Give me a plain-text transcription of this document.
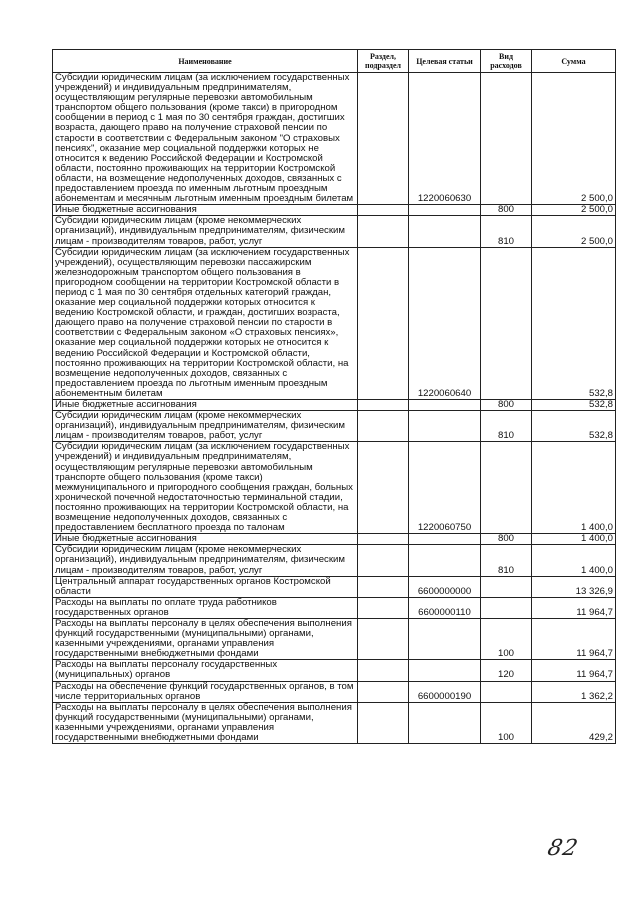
Наименование	Раздел, подраздел	Целевая статьи	Вид расходов	Сумма
Субсидии юридическим лицам (за исключением государственных учреждений) и индивидуальным предпринимателям, осуществляющим регулярные перевозки автомобильным транспортом общего пользования (кроме такси) в пригородном сообщении в период с 1 мая по 30 сентября граждан, достигших возраста, дающего право на получение страховой пенсии по старости в соответствии с Федеральным законом "О страховых пенсиях", оказание мер социальной поддержки которых не относится к ведению Российской Федерации и Костромской области, постоянно проживающих на территории Костромской области, на возмещение недополученных доходов, связанных с предоставлением проезда по именным льготным проездным абонементам и месячным льготным именным проездным билетам		1220060630		2 500,0
Иные бюджетные ассигнования			800	2 500,0
Субсидии юридическим лицам (кроме некоммерческих организаций), индивидуальным предпринимателям, физическим лицам - производителям товаров, работ, услуг			810	2 500,0
Субсидии юридическим лицам (за исключением государственных учреждений), осуществляющим перевозки пассажирским железнодорожным транспортом общего пользования в пригородном сообщении на территории Костромской области в период с 1 мая по 30 сентября отдельных категорий граждан, оказание мер социальной поддержки которых относится к ведению Костромской области, и граждан, достигших возраста, дающего право на получение страховой пенсии по старости в соответствии с Федеральным законом «О страховых пенсиях», оказание мер социальной поддержки которых не относится к ведению Российской Федерации и Костромской области, постоянно проживающих на территории Костромской области, на возмещение недополученных доходов, связанных с предоставлением проезда по льготным именным проездным абонементным билетам		1220060640		532,8
Иные бюджетные ассигнования			800	532,8
Субсидии юридическим лицам (кроме некоммерческих организаций), индивидуальным предпринимателям, физическим лицам - производителям товаров, работ, услуг			810	532,8
Субсидии юридическим лицам (за исключением государственных учреждений) и индивидуальным предпринимателям, осуществляющим регулярные перевозки автомобильным транспорте общего пользования (кроме такси) межмуниципального и пригородного сообщения граждан, больных хронической почечной недостаточностью терминальной стадии, постоянно проживающих на территории Костромской области, на возмещение недополученных доходов, связанных с предоставлением бесплатного проезда по талонам		1220060750		1 400,0
Иные бюджетные ассигнования			800	1 400,0
Субсидии юридическим лицам (кроме некоммерческих организаций), индивидуальным предпринимателям, физическим лицам - производителям товаров, работ, услуг			810	1 400,0
Центральный аппарат государственных органов Костромской области		6600000000		13 326,9
Расходы на выплаты по оплате труда работников государственных органов		6600000110		11 964,7
Расходы на выплаты персоналу в целях обеспечения выполнения функций государственными (муниципальными) органами, казенными учреждениями, органами управления государственными внебюджетными фондами			100	11 964,7
Расходы на выплаты персоналу государственных (муниципальных) органов			120	11 964,7
Расходы на обеспечение функций государственных органов, в том числе территориальных органов		6600000190		1 362,2
Расходы на выплаты персоналу в целях обеспечения выполнения функций государственными (муниципальными) органами, казенными учреждениями, органами управления государственными внебюджетными фондами			100	429,2
82
